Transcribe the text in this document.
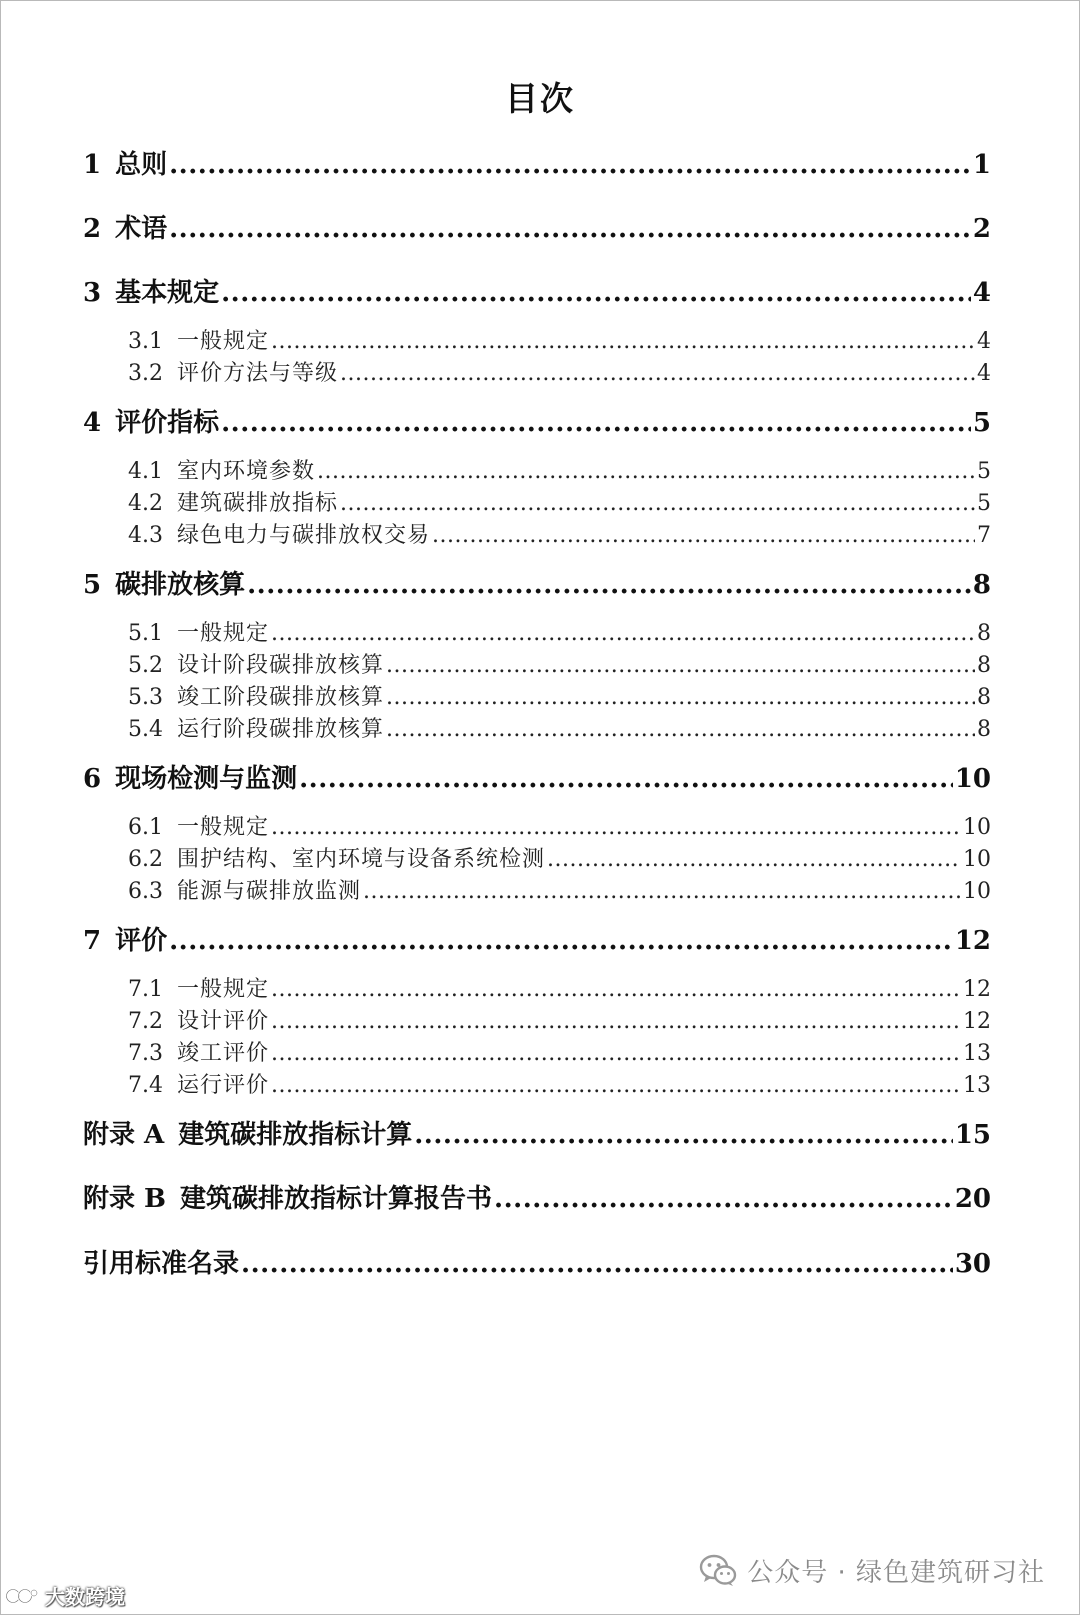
目次
1 总则 .....	1
2 术语 .....	2
3 基本规定 .....	4
3.1 一般规定 .....	4
3.2 评价方法与等级 .....	4
4 评价指标 .....	5
4.1 室内环境参数 .....	5
4.2 建筑碳排放指标 .....	5
4.3 绿色电力与碳排放权交易 .....	7
5 碳排放核算 .....	8
5.1 一般规定 .....	8
5.2 设计阶段碳排放核算 .....	8
5.3 竣工阶段碳排放核算 .....	8
5.4 运行阶段碳排放核算 .....	8
6 现场检测与监测 .....	10
6.1 一般规定 .....	10
6.2 围护结构、室内环境与设备系统检测 .....	10
6.3 能源与碳排放监测 .....	10
7 评价 .....	12
7.1 一般规定 .....	12
7.2 设计评价 .....	12
7.3 竣工评价 .....	13
7.4 运行评价 .....	13
附录 A 建筑碳排放指标计算 .....	15
附录 B 建筑碳排放指标计算报告书 .....	20
引用标准名录 .....	30
公众号 · 绿色建筑研习社
大数跨境
